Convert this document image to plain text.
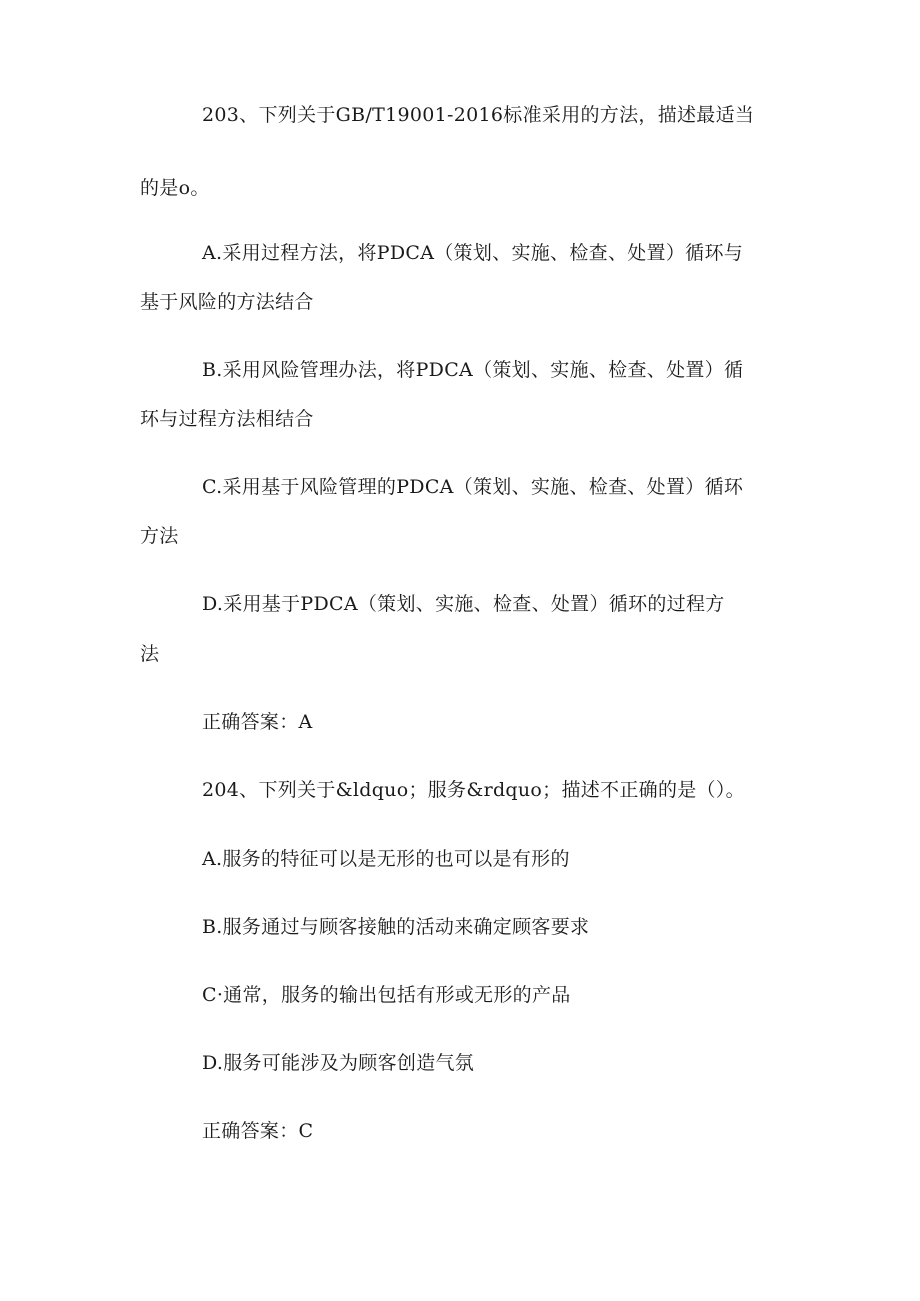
203、下列关于GB/T19001-2016标准采用的方法，描述最适当
的是o。
A.采用过程方法，将PDCA（策划、实施、检查、处置）循环与
基于风险的方法结合
B.采用风险管理办法，将PDCA（策划、实施、检查、处置）循
环与过程方法相结合
C.采用基于风险管理的PDCA（策划、实施、检查、处置）循环
方法
D.采用基于PDCA（策划、实施、检查、处置）循环的过程方
法
正确答案：A
204、下列关于&ldquo；服务&rdquo；描述不正确的是（）。
A.服务的特征可以是无形的也可以是有形的
B.服务通过与顾客接触的活动来确定顾客要求
C·通常，服务的输出包括有形或无形的产品
D.服务可能涉及为顾客创造气氛
正确答案：C
